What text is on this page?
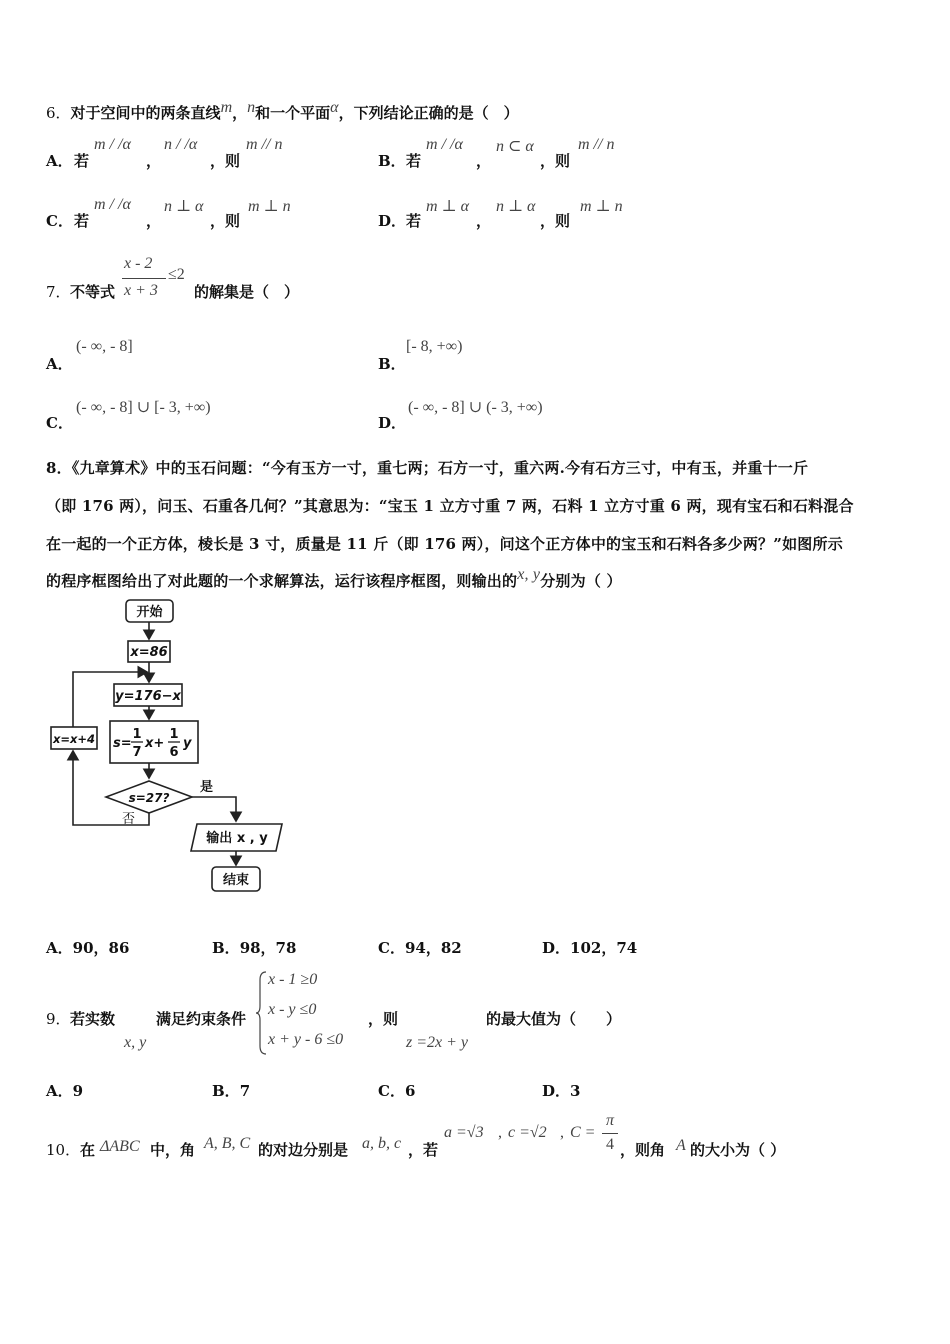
6．对于空间中的两条直线m，n和一个平面α，下列结论正确的是（　）
A． 若
m / /α
，
n / /α
，则
m // n
B． 若
m / /α
，
n ⊂ α
，则
m // n
C． 若
m / /α
，
n ⊥ α
，则
m ⊥ n
D． 若
m ⊥ α
，
n ⊥ α
，则
m ⊥ n
7． 不等式
x - 2
x + 3
≤2
的解集是（　）
A．
(- ∞, - 8]
B．
[- 8, +∞)
C．
(- ∞, - 8] ∪ [- 3, +∞)
D．
(- ∞, - 8] ∪ (- 3, +∞)
8．《九章算术》中的玉石问题：“今有玉方一寸，重七两；石方一寸，重六两.今有石方三寸，中有玉，并重十一斤
（即 176 两），问玉、石重各几何？”其意思为：“宝玉 1 立方寸重 7 两，石料 1 立方寸重 6 两，现有宝石和石料混合
在一起的一个正方体，棱长是 3 寸，质量是 11 斤（即 176 两），问这个正方体中的宝玉和石料各多少两？”如图所示
的程序框图给出了对此题的一个求解算法，运行该程序框图，则输出的x, y分别为（ ）
开始
x=86
y=176−x
s=
1
7
x+
1
6
y
s=27?
是
否
x=x+4
输出 x , y
结束
A．90，86	B．98，78	C．94，82	D．102，74
9． 若实数
x, y
满足约束条件
x - 1 ≥0
x - y ≤0
x + y - 6 ≤0
，则
z =2x + y
的最大值为（　　）
A．9	B．7	C．6	D．3
10． 在 ΔABC 中，角 A, B, C 的对边分别是 a, b, c ，若
a =√3 , c =√2 , C =
π
4 ，则角 A 的大小为（ ）
